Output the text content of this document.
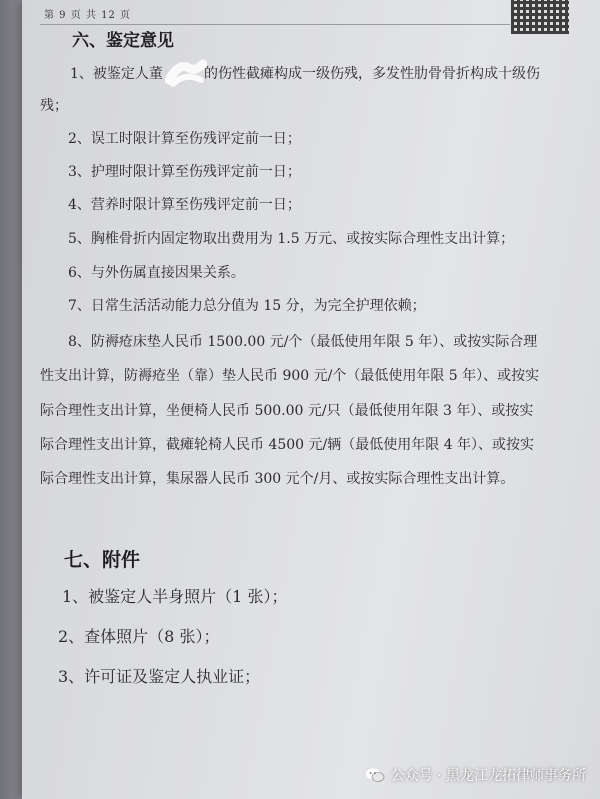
第 9 页 共 12 页
六、鉴定意见
1、被鉴定人董	的伤性截瘫构成一级伤残，多发性肋骨骨折构成十级伤
残；
2、误工时限计算至伤残评定前一日；
3、护理时限计算至伤残评定前一日；
4、营养时限计算至伤残评定前一日；
5、胸椎骨折内固定物取出费用为 1.5 万元、或按实际合理性支出计算；
6、与外伤属直接因果关系。
7、日常生活活动能力总分值为 15 分，为完全护理依赖；
8、防褥疮床垫人民币 1500.00 元/个（最低使用年限 5 年）、或按实际合理
性支出计算，防褥疮坐（靠）垫人民币 900 元/个（最低使用年限 5 年）、或按实
际合理性支出计算，坐便椅人民币 500.00 元/只（最低使用年限 3 年）、或按实
际合理性支出计算，截瘫轮椅人民币 4500 元/辆（最低使用年限 4 年）、或按实
际合理性支出计算，集尿器人民币 300 元个/月、或按实际合理性支出计算。
七、附件
1、被鉴定人半身照片（1 张）；
2、查体照片（8 张）；
3、许可证及鉴定人执业证；
公众号 · 黑龙江龙拓律师事务所
